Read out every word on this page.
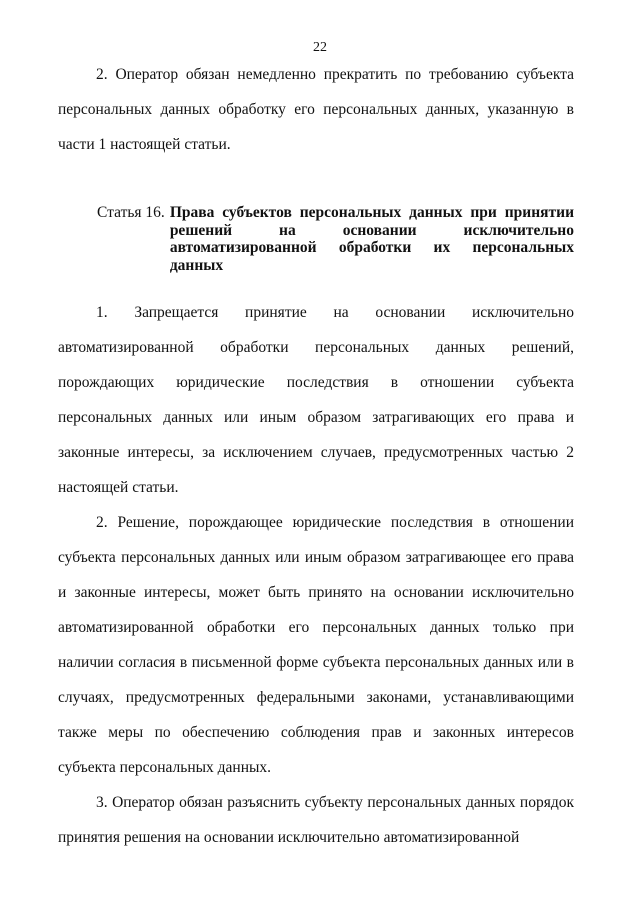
22

2. Оператор обязан немедленно прекратить по требованию субъекта персональных данных обработку его персональных данных, указанную в части 1 настоящей статьи.

Статья 16. Права субъектов персональных данных при принятии решений на основании исключительно автоматизированной обработки их персональных данных

1. Запрещается принятие на основании исключительно автоматизированной обработки персональных данных решений, порождающих юридические последствия в отношении субъекта персональных данных или иным образом затрагивающих его права и законные интересы, за исключением случаев, предусмотренных частью 2 настоящей статьи.

2. Решение, порождающее юридические последствия в отношении субъекта персональных данных или иным образом затрагивающее его права и законные интересы, может быть принято на основании исключительно автоматизированной обработки его персональных данных только при наличии согласия в письменной форме субъекта персональных данных или в случаях, предусмотренных федеральными законами, устанавливающими также меры по обеспечению соблюдения прав и законных интересов субъекта персональных данных.

3. Оператор обязан разъяснить субъекту персональных данных порядок принятия решения на основании исключительно автоматизированной
